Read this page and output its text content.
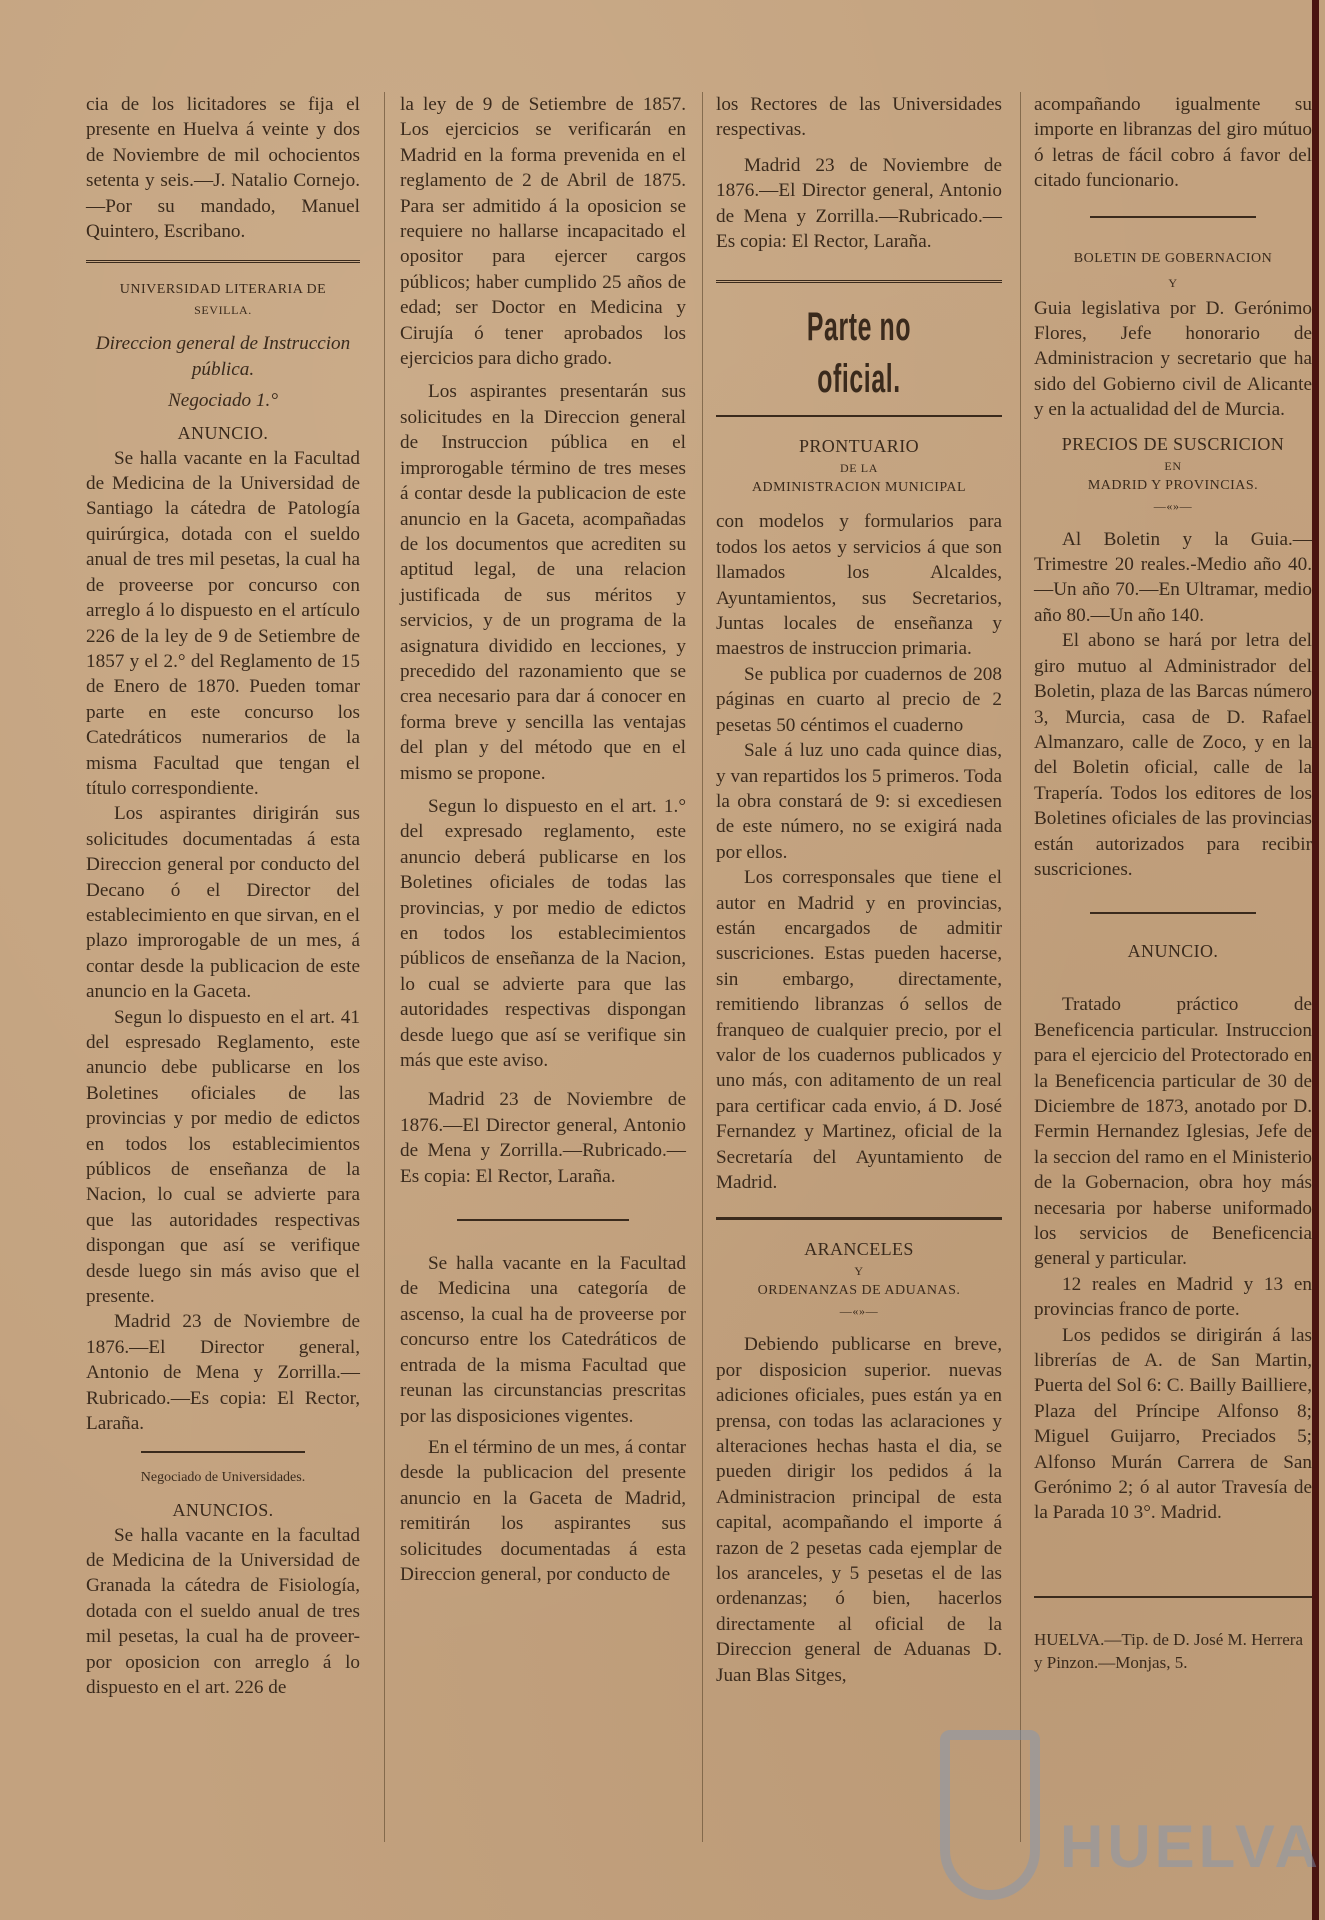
cia de los licitadores se fija el presente en Huelva á veinte y dos de Noviembre de mil ochocientos setenta y seis.—J. Natalio Cornejo.—Por su mandado, Manuel Quintero, Escribano.

UNIVERSIDAD LITERARIA DE

SEVILLA.

Direccion general de Instruccion pública.

Negociado 1.°

ANUNCIO.

Se halla vacante en la Facultad de Medicina de la Universidad de Santiago la cátedra de Patología quirúrgica, dotada con el sueldo anual de tres mil pesetas, la cual ha de proveerse por concurso con arreglo á lo dispuesto en el artículo 226 de la ley de 9 de Setiembre de 1857 y el 2.° del Reglamento de 15 de Enero de 1870. Pueden tomar parte en este concurso los Catedráticos numerarios de la misma Facultad que tengan el título correspondiente.

Los aspirantes dirigirán sus solicitudes documentadas á esta Direccion general por conducto del Decano ó el Director del establecimiento en que sirvan, en el plazo improrogable de un mes, á contar desde la publicacion de este anuncio en la Gaceta.

Segun lo dispuesto en el art. 41 del espresado Reglamento, este anuncio debe publicarse en los Boletines oficiales de las provincias y por medio de edictos en todos los establecimientos públicos de enseñanza de la Nacion, lo cual se advierte para que las autoridades respectivas dispongan que así se verifique desde luego sin más aviso que el presente.

Madrid 23 de Noviembre de 1876.—El Director general, Antonio de Mena y Zorrilla.—Rubricado.—Es copia: El Rector, Laraña.

Negociado de Universidades.

ANUNCIOS.

Se halla vacante en la facultad de Medicina de la Universidad de Granada la cátedra de Fisiología, dotada con el sueldo anual de tres mil pesetas, la cual ha de proveer- por oposicion con arreglo á lo dispuesto en el art. 226 de

la ley de 9 de Setiembre de 1857. Los ejercicios se verificarán en Madrid en la forma prevenida en el reglamento de 2 de Abril de 1875. Para ser admitido á la oposicion se requiere no hallarse incapacitado el opositor para ejercer cargos públicos; haber cumplido 25 años de edad; ser Doctor en Medicina y Cirujía ó tener aprobados los ejercicios para dicho grado.

Los aspirantes presentarán sus solicitudes en la Direccion general de Instruccion pública en el improrogable término de tres meses á contar desde la publicacion de este anuncio en la Gaceta, acompañadas de los documentos que acrediten su aptitud legal, de una relacion justificada de sus méritos y servicios, y de un programa de la asignatura dividido en lecciones, y precedido del razonamiento que se crea necesario para dar á conocer en forma breve y sencilla las ventajas del plan y del método que en el mismo se propone.

Segun lo dispuesto en el art. 1.° del expresado reglamento, este anuncio deberá publicarse en los Boletines oficiales de todas las provincias, y por medio de edictos en todos los establecimientos públicos de enseñanza de la Nacion, lo cual se advierte para que las autoridades respectivas dispongan desde luego que así se verifique sin más que este aviso.

Madrid 23 de Noviembre de 1876.—El Director general, Antonio de Mena y Zorrilla.—Rubricado.—Es copia: El Rector, Laraña.

Se halla vacante en la Facultad de Medicina una categoría de ascenso, la cual ha de proveerse por concurso entre los Catedráticos de entrada de la misma Facultad que reunan las circunstancias prescritas por las disposiciones vigentes.

En el término de un mes, á contar desde la publicacion del presente anuncio en la Gaceta de Madrid, remitirán los aspirantes sus solicitudes documentadas á esta Direccion general, por conducto de

los Rectores de las Universidades respectivas.

Madrid 23 de Noviembre de 1876.—El Director general, Antonio de Mena y Zorrilla.—Rubricado.—Es copia: El Rector, Laraña.

Parte no oficial.

PRONTUARIO

DE LA

ADMINISTRACION MUNICIPAL

con modelos y formularios para todos los aetos y servicios á que son llamados los Alcaldes, Ayuntamientos, sus Secretarios, Juntas locales de enseñanza y maestros de instruccion primaria.

Se publica por cuadernos de 208 páginas en cuarto al precio de 2 pesetas 50 céntimos el cuaderno

Sale á luz uno cada quince dias, y van repartidos los 5 primeros. Toda la obra constará de 9: si excediesen de este número, no se exigirá nada por ellos.

Los corresponsales que tiene el autor en Madrid y en provincias, están encargados de admitir suscriciones. Estas pueden hacerse, sin embargo, directamente, remitiendo libranzas ó sellos de franqueo de cualquier precio, por el valor de los cuadernos publicados y uno más, con aditamento de un real para certificar cada envio, á D. José Fernandez y Martinez, oficial de la Secretaría del Ayuntamiento de Madrid.

ARANCELES

Y

ORDENANZAS DE ADUANAS.

—«»—

Debiendo publicarse en breve, por disposicion superior. nuevas adiciones oficiales, pues están ya en prensa, con todas las aclaraciones y alteraciones hechas hasta el dia, se pueden dirigir los pedidos á la Administracion principal de esta capital, acompañando el importe á razon de 2 pesetas cada ejemplar de los aranceles, y 5 pesetas el de las ordenanzas; ó bien, hacerlos directamente al oficial de la Direccion general de Aduanas D. Juan Blas Sitges,

acompañando igualmente su importe en libranzas del giro mútuo ó letras de fácil cobro á favor del citado funcionario.

BOLETIN DE GOBERNACION

Y

Guia legislativa por D. Gerónimo Flores, Jefe honorario de Administracion y secretario que ha sido del Gobierno civil de Alicante y en la actualidad del de Murcia.

PRECIOS DE SUSCRICION

EN

MADRID Y PROVINCIAS.

—«»—

Al Boletin y la Guia.—Trimestre 20 reales.-Medio año 40.—Un año 70.—En Ultramar, medio año 80.—Un año 140.

El abono se hará por letra del giro mutuo al Administrador del Boletin, plaza de las Barcas número 3, Murcia, casa de D. Rafael Almanzaro, calle de Zoco, y en la del Boletin oficial, calle de la Trapería. Todos los editores de los Boletines oficiales de las provincias están autorizados para recibir suscriciones.

ANUNCIO.

Tratado práctico de Beneficencia particular. Instruccion para el ejercicio del Protectorado en la Beneficencia particular de 30 de Diciembre de 1873, anotado por D. Fermin Hernandez Iglesias, Jefe de la seccion del ramo en el Ministerio de la Gobernacion, obra hoy más necesaria por haberse uniformado los servicios de Beneficencia general y particular.

12 reales en Madrid y 13 en provincias franco de porte.

Los pedidos se dirigirán á las librerías de A. de San Martin, Puerta del Sol 6: C. Bailly Bailliere, Plaza del Príncipe Alfonso 8; Miguel Guijarro, Preciados 5; Alfonso Murán Carrera de San Gerónimo 2; ó al autor Travesía de la Parada 10 3°. Madrid.

HUELVA.—Tip. de D. José M. Herrera y Pinzon.—Monjas, 5.

HUELVA
